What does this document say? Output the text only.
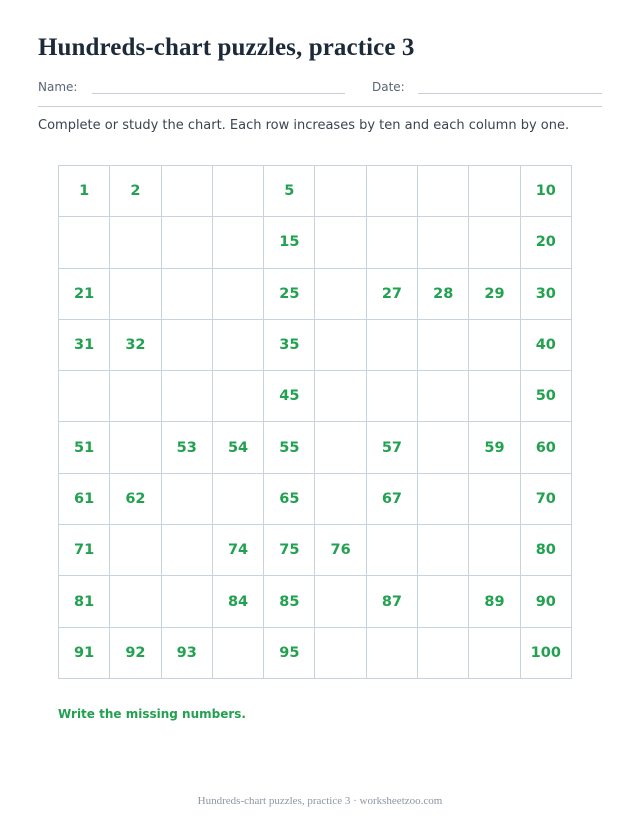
Hundreds-chart puzzles, practice 3
Name:	Date:

Complete or study the chart. Each row increases by ten and each column by one.

1	2			5					10
				15					20
21				25		27	28	29	30
31	32			35					40
				45					50
51		53	54	55		57		59	60
61	62			65		67			70
71			74	75	76				80
81			84	85		87		89	90
91	92	93		95					100

Write the missing numbers.

Hundreds-chart puzzles, practice 3 · worksheetzoo.com
